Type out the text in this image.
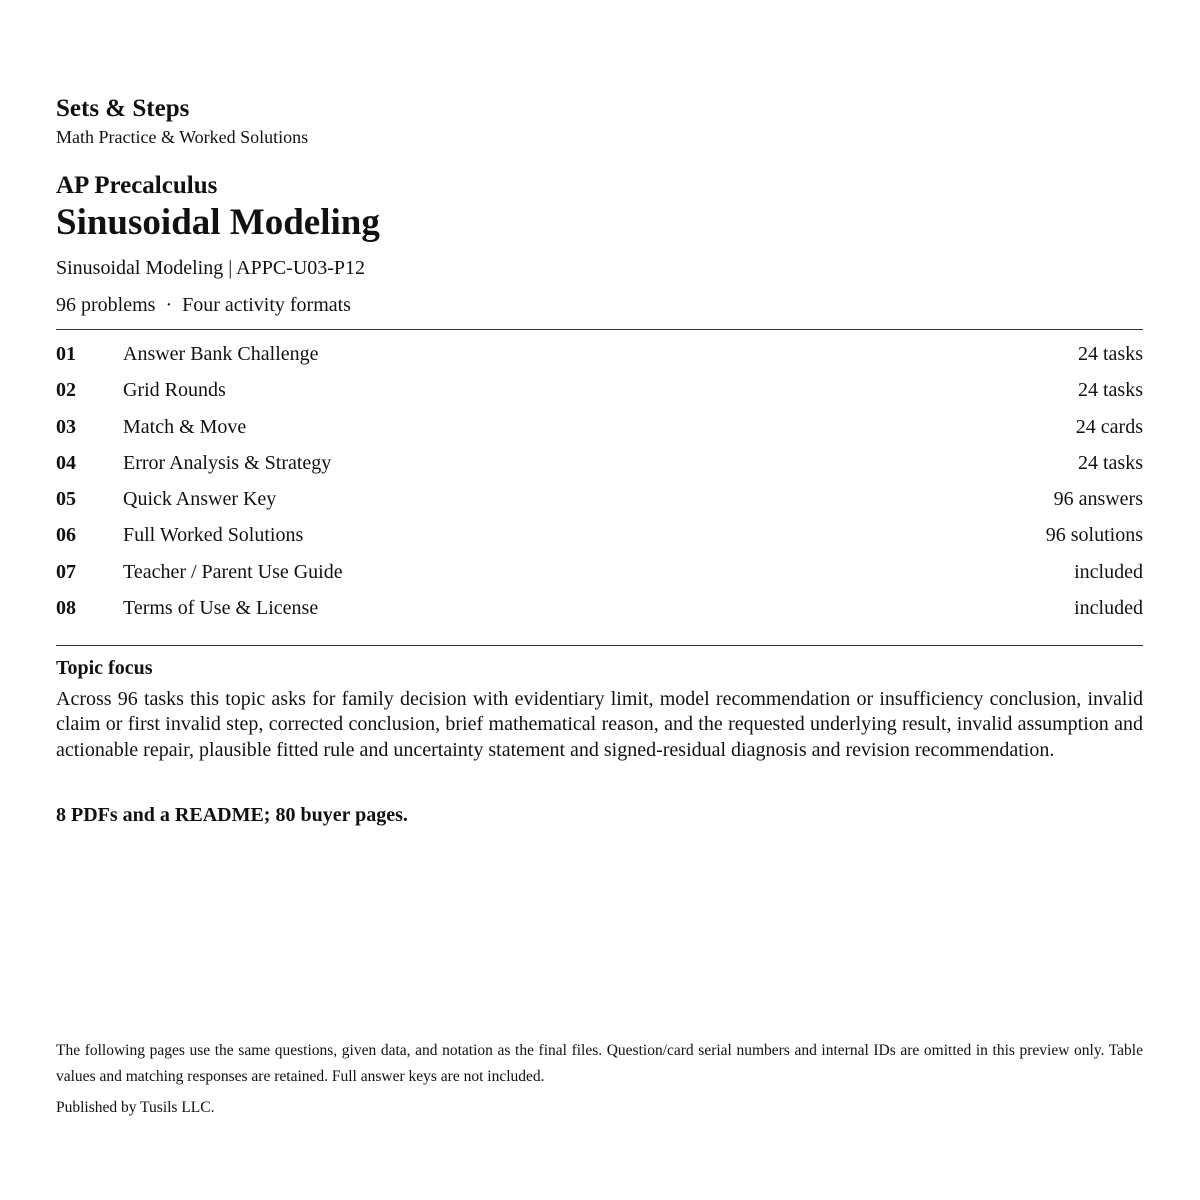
Sets & Steps
Math Practice & Worked Solutions
AP Precalculus
Sinusoidal Modeling
Sinusoidal Modeling | APPC-U03-P12
96 problems · Four activity formats
01 Answer Bank Challenge	24 tasks
02 Grid Rounds	24 tasks
03 Match & Move	24 cards
04 Error Analysis & Strategy	24 tasks
05 Quick Answer Key	96 answers
06 Full Worked Solutions	96 solutions
07 Teacher / Parent Use Guide	included
08 Terms of Use & License	included
Topic focus

Across 96 tasks this topic asks for family decision with evidentiary limit, model recommendation or insufficiency conclusion, invalid claim or first invalid step, corrected conclusion, brief mathematical reason, and the requested underlying result, invalid assumption and actionable repair, plausible fitted rule and uncertainty statement and signed-residual diagnosis and revision recommendation.

8 PDFs and a README; 80 buyer pages.

The following pages use the same questions, given data, and notation as the final files. Question/card serial numbers and internal IDs are omitted in this preview only. Table values and matching responses are retained. Full answer keys are not included.

Published by Tusils LLC.
